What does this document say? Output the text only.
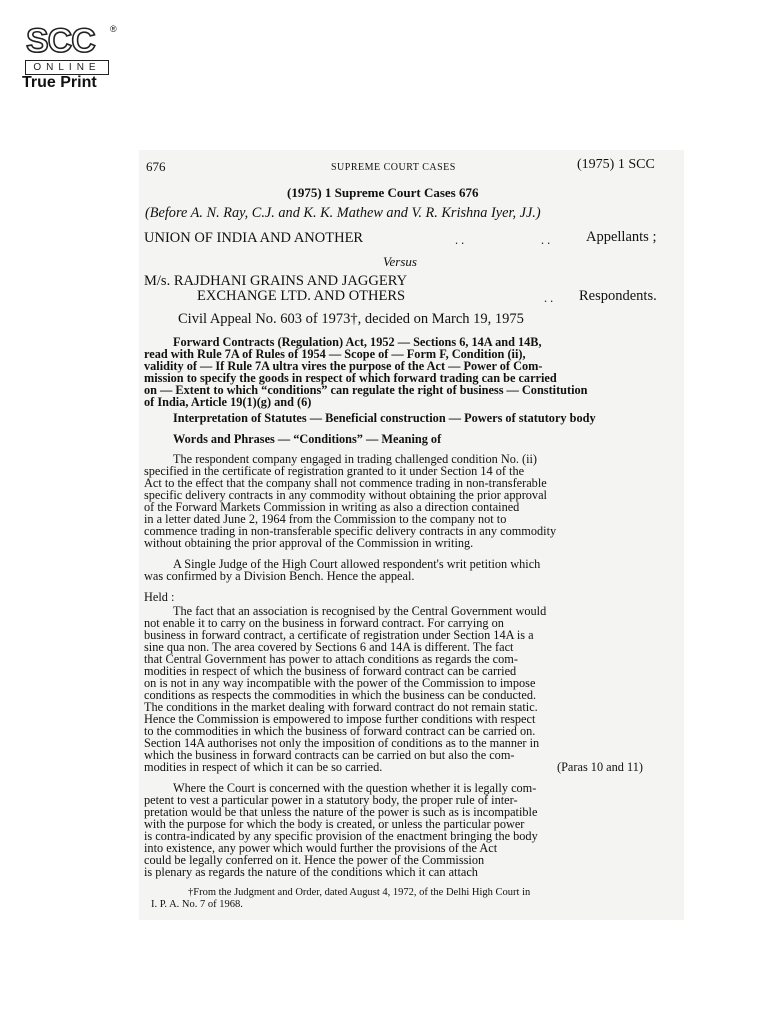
SCC ®
ONLINE
True Print
676	SUPREME COURT CASES	(1975) 1 SCC
(1975) 1 Supreme Court Cases 676
(Before A. N. Ray, C.J. and K. K. Mathew and V. R. Krishna Iyer, JJ.)
UNION OF INDIA AND ANOTHER	. .	. . Appellants ;
Versus
M/s. RAJDHANI GRAINS AND JAGGERY
EXCHANGE LTD. AND OTHERS	. . Respondents.
Civil Appeal No. 603 of 1973†, decided on March 19, 1975
Forward Contracts (Regulation) Act, 1952 — Sections 6, 14A and 14B,
read with Rule 7A of Rules of 1954 — Scope of — Form F, Condition (ii),
validity of — If Rule 7A ultra vires the purpose of the Act — Power of Com-
mission to specify the goods in respect of which forward trading can be carried
on — Extent to which “conditions” can regulate the right of business — Constitution
of India, Article 19(1)(g) and (6)
Interpretation of Statutes — Beneficial construction — Powers of statutory body
Words and Phrases — “Conditions” — Meaning of
The respondent company engaged in trading challenged condition No. (ii)
specified in the certificate of registration granted to it under Section 14 of the
Act to the effect that the company shall not commence trading in non-transferable
specific delivery contracts in any commodity without obtaining the prior approval
of the Forward Markets Commission in writing as also a direction contained
in a letter dated June 2, 1964 from the Commission to the company not to
commence trading in non-transferable specific delivery contracts in any commodity
without obtaining the prior approval of the Commission in writing.
A Single Judge of the High Court allowed respondent's writ petition which
was confirmed by a Division Bench. Hence the appeal.
Held :
The fact that an association is recognised by the Central Government would
not enable it to carry on the business in forward contract. For carrying on
business in forward contract, a certificate of registration under Section 14A is a
sine qua non. The area covered by Sections 6 and 14A is different. The fact
that Central Government has power to attach conditions as regards the com-
modities in respect of which the business of forward contract can be carried
on is not in any way incompatible with the power of the Commission to impose
conditions as respects the commodities in which the business can be conducted.
The conditions in the market dealing with forward contract do not remain static.
Hence the Commission is empowered to impose further conditions with respect
to the commodities in which the business of forward contract can be carried on.
Section 14A authorises not only the imposition of conditions as to the manner in
which the business in forward contracts can be carried on but also the com-
modities in respect of which it can be so carried.	(Paras 10 and 11)
Where the Court is concerned with the question whether it is legally com-
petent to vest a particular power in a statutory body, the proper rule of inter-
pretation would be that unless the nature of the power is such as is incompatible
with the purpose for which the body is created, or unless the particular power
is contra-indicated by any specific provision of the enactment bringing the body
into existence, any power which would further the provisions of the Act
could be legally conferred on it. Hence the power of the Commission
is plenary as regards the nature of the conditions which it can attach
†From the Judgment and Order, dated August 4, 1972, of the Delhi High Court in
I. P. A. No. 7 of 1968.
